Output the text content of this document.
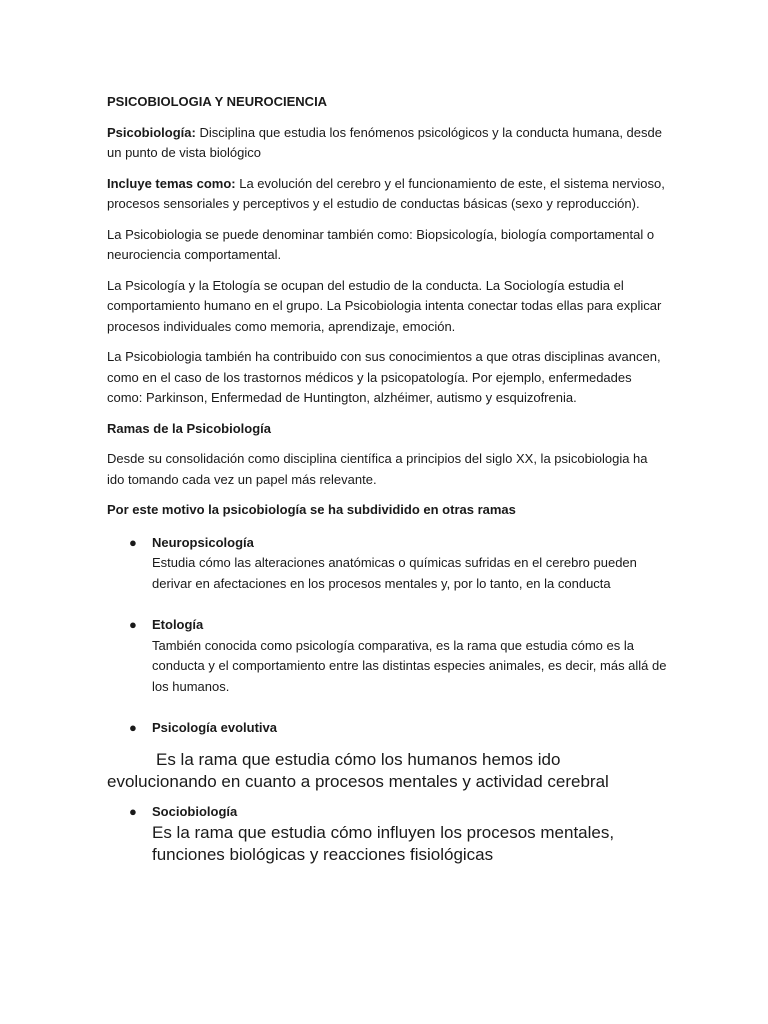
PSICOBIOLOGIA Y NEUROCIENCIA

Psicobiología: Disciplina que estudia los fenómenos psicológicos y la conducta humana, desde un punto de vista biológico

Incluye temas como: La evolución del cerebro y el funcionamiento de este, el sistema nervioso, procesos sensoriales y perceptivos y el estudio de conductas básicas (sexo y reproducción).

La Psicobiologia se puede denominar también como: Biopsicología, biología comportamental o neurociencia comportamental.

La Psicología y la Etología se ocupan del estudio de la conducta. La Sociología estudia el comportamiento humano en el grupo. La Psicobiologia intenta conectar todas ellas para explicar procesos individuales como memoria, aprendizaje, emoción.

La Psicobiologia también ha contribuido con sus conocimientos a que otras disciplinas avancen, como en el caso de los trastornos médicos y la psicopatología. Por ejemplo, enfermedades como: Parkinson, Enfermedad de Huntington, alzhéimer, autismo y esquizofrenia.

Ramas de la Psicobiología

Desde su consolidación como disciplina científica a principios del siglo XX, la psicobiologia ha ido tomando cada vez un papel más relevante.

Por este motivo la psicobiología se ha subdividido en otras ramas

● Neuropsicología
Estudia cómo las alteraciones anatómicas o químicas sufridas en el cerebro pueden derivar en afectaciones en los procesos mentales y, por lo tanto, en la conducta
● Etología
También conocida como psicología comparativa, es la rama que estudia cómo es la conducta y el comportamiento entre las distintas especies animales, es decir, más allá de los humanos.
● Psicología evolutiva

Es la rama que estudia cómo los humanos hemos ido evolucionando en cuanto a procesos mentales y actividad cerebral

● Sociobiología
Es la rama que estudia cómo influyen los procesos mentales, funciones biológicas y reacciones fisiológicas
